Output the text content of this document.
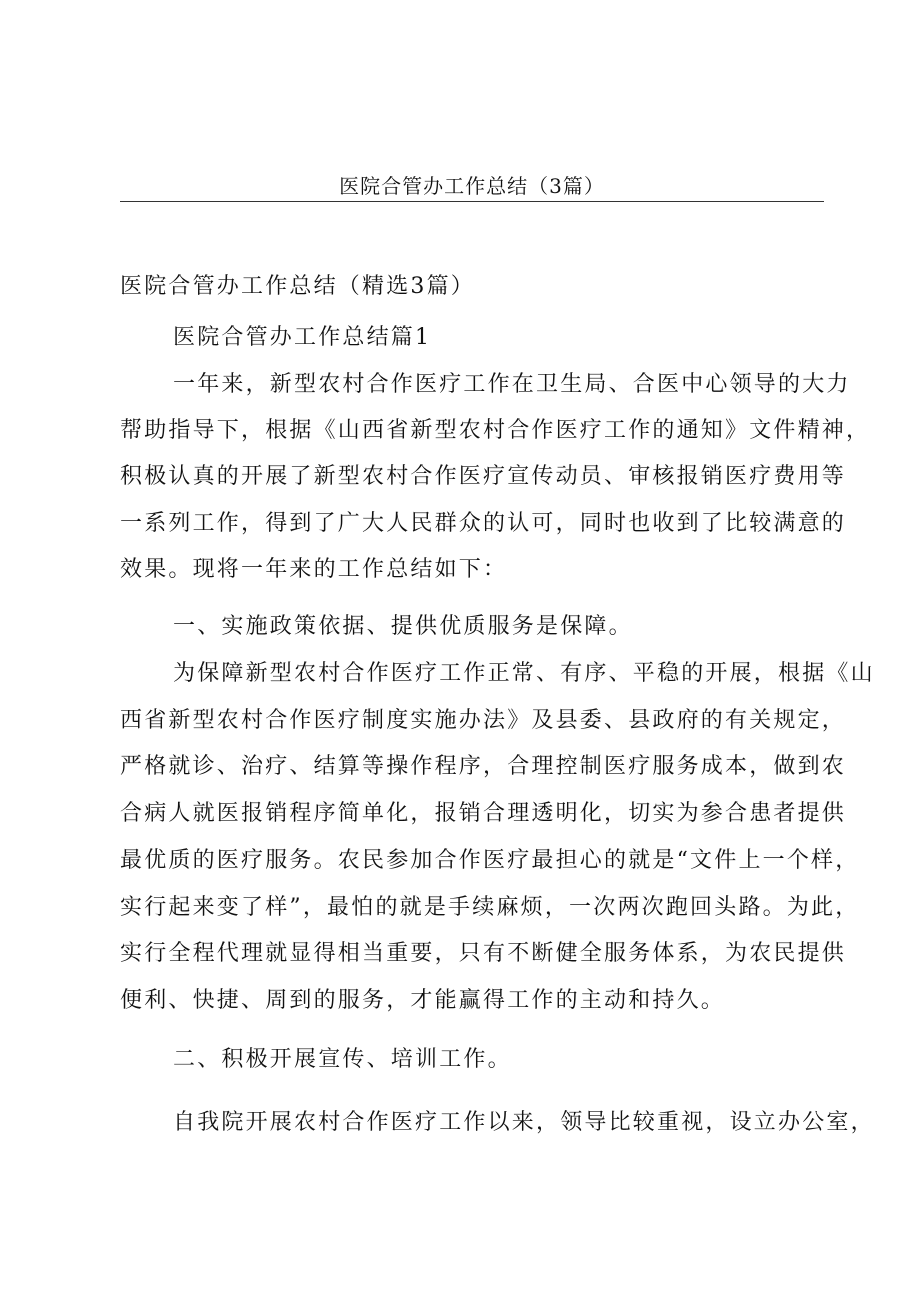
医院合管办工作总结（3篇）
医院合管办工作总结（精选3篇）
医院合管办工作总结篇1
一年来，新型农村合作医疗工作在卫生局、合医中心领导的大力
帮助指导下，根据《山西省新型农村合作医疗工作的通知》文件精神，
积极认真的开展了新型农村合作医疗宣传动员、审核报销医疗费用等
一系列工作，得到了广大人民群众的认可，同时也收到了比较满意的
效果。现将一年来的工作总结如下：
一、实施政策依据、提供优质服务是保障。
为保障新型农村合作医疗工作正常、有序、平稳的开展，根据《山
西省新型农村合作医疗制度实施办法》及县委、县政府的有关规定，
严格就诊、治疗、结算等操作程序，合理控制医疗服务成本，做到农
合病人就医报销程序简单化，报销合理透明化，切实为参合患者提供
最优质的医疗服务。农民参加合作医疗最担心的就是“文件上一个样，
实行起来变了样”，最怕的就是手续麻烦，一次两次跑回头路。为此，
实行全程代理就显得相当重要，只有不断健全服务体系，为农民提供
便利、快捷、周到的服务，才能赢得工作的主动和持久。
二、积极开展宣传、培训工作。
自我院开展农村合作医疗工作以来，领导比较重视，设立办公室，
